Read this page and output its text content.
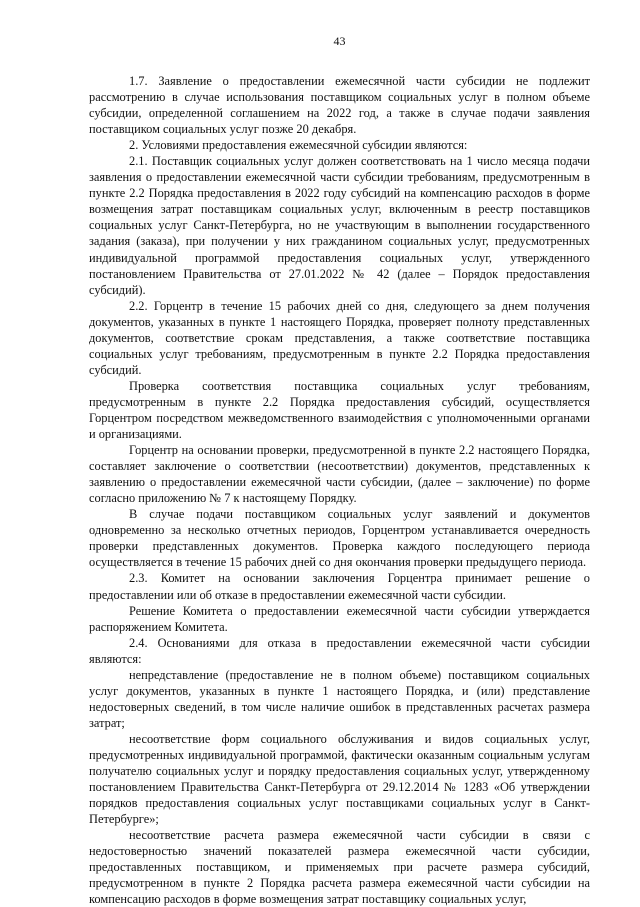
43

1.7. Заявление о предоставлении ежемесячной части субсидии не подлежит рассмотрению в случае использования поставщиком социальных услуг в полном объеме субсидии, определенной соглашением на 2022 год, а также в случае подачи заявления поставщиком социальных услуг позже 20 декабря.

2. Условиями предоставления ежемесячной субсидии являются:

2.1. Поставщик социальных услуг должен соответствовать на 1 число месяца подачи заявления о предоставлении ежемесячной части субсидии требованиям, предусмотренным в пункте 2.2 Порядка предоставления в 2022 году субсидий на компенсацию расходов в форме возмещения затрат поставщикам социальных услуг, включенным в реестр поставщиков социальных услуг Санкт-Петербурга, но не участвующим в выполнении государственного задания (заказа), при получении у них гражданином социальных услуг, предусмотренных индивидуальной программой предоставления социальных услуг, утвержденного постановлением Правительства от 27.01.2022 № 42 (далее – Порядок предоставления субсидий).

2.2. Горцентр в течение 15 рабочих дней со дня, следующего за днем получения документов, указанных в пункте 1 настоящего Порядка, проверяет полноту представленных документов, соответствие срокам представления, а также соответствие поставщика социальных услуг требованиям, предусмотренным в пункте 2.2 Порядка предоставления субсидий.

Проверка соответствия поставщика социальных услуг требованиям, предусмотренным в пункте 2.2 Порядка предоставления субсидий, осуществляется Горцентром посредством межведомственного взаимодействия с уполномоченными органами и организациями.

Горцентр на основании проверки, предусмотренной в пункте 2.2 настоящего Порядка, составляет заключение о соответствии (несоответствии) документов, представленных к заявлению о предоставлении ежемесячной части субсидии, (далее – заключение) по форме согласно приложению № 7 к настоящему Порядку.

В случае подачи поставщиком социальных услуг заявлений и документов одновременно за несколько отчетных периодов, Горцентром устанавливается очередность проверки представленных документов. Проверка каждого последующего периода осуществляется в течение 15 рабочих дней со дня окончания проверки предыдущего периода.

2.3. Комитет на основании заключения Горцентра принимает решение о предоставлении или об отказе в предоставлении ежемесячной части субсидии.

Решение Комитета о предоставлении ежемесячной части субсидии утверждается распоряжением Комитета.

2.4. Основаниями для отказа в предоставлении ежемесячной части субсидии являются:

непредставление (предоставление не в полном объеме) поставщиком социальных услуг документов, указанных в пункте 1 настоящего Порядка, и (или) представление недостоверных сведений, в том числе наличие ошибок в представленных расчетах размера затрат;

несоответствие форм социального обслуживания и видов социальных услуг, предусмотренных индивидуальной программой, фактически оказанным социальным услугам получателю социальных услуг и порядку предоставления социальных услуг, утвержденному постановлением Правительства Санкт-Петербурга от 29.12.2014 № 1283 «Об утверждении порядков предоставления социальных услуг поставщиками социальных услуг в Санкт-Петербурге»;

несоответствие расчета размера ежемесячной части субсидии в связи с недостоверностью значений показателей размера ежемесячной части субсидии, предоставленных поставщиком, и применяемых при расчете размера субсидий, предусмотренном в пункте 2 Порядка расчета размера ежемесячной части субсидии на компенсацию расходов в форме возмещения затрат поставщику социальных услуг,
